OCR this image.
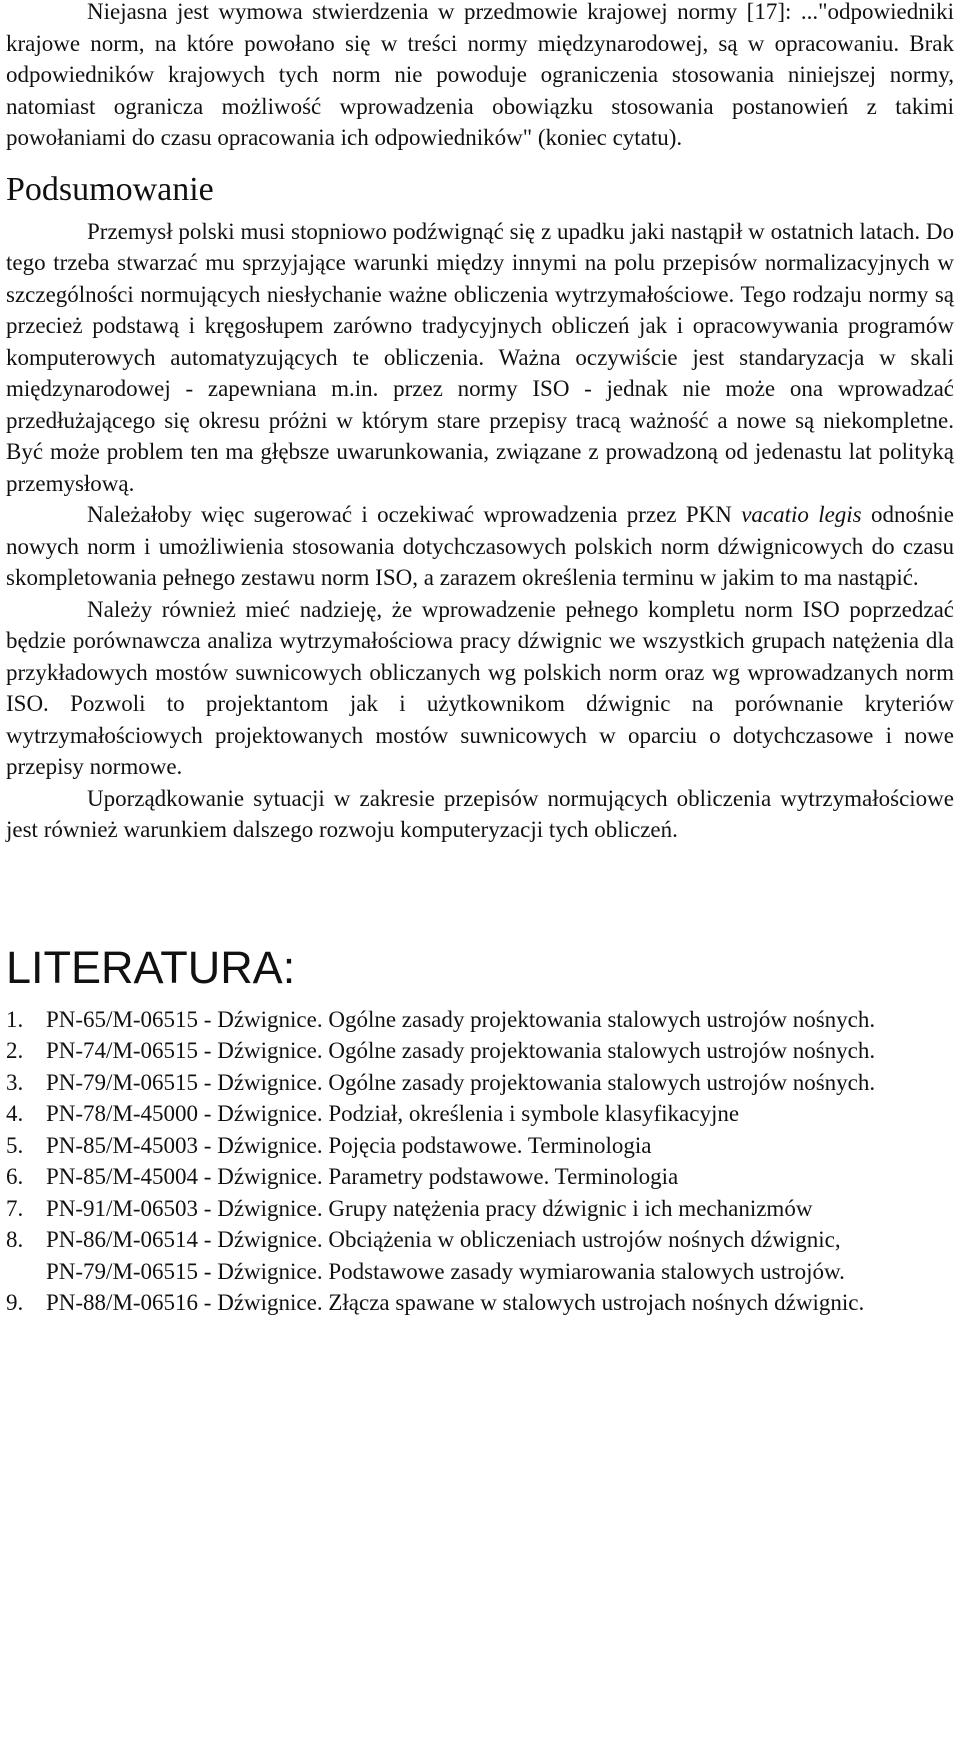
Niejasna jest wymowa stwierdzenia w przedmowie krajowej normy [17]: ..."odpowiedniki krajowe norm, na które powołano się w treści normy międzynarodowej, są w opracowaniu. Brak odpowiedników krajowych tych norm nie powoduje ograniczenia stosowania niniejszej normy, natomiast ogranicza możliwość wprowadzenia obowiązku stosowania postanowień z takimi powołaniami do czasu opracowania ich odpowiedników" (koniec cytatu).

Podsumowanie

Przemysł polski musi stopniowo podźwignąć się z upadku jaki nastąpił w ostatnich latach. Do tego trzeba stwarzać mu sprzyjające warunki między innymi na polu przepisów normalizacyjnych w szczególności normujących niesłychanie ważne obliczenia wytrzymałościowe. Tego rodzaju normy są przecież podstawą i kręgosłupem zarówno tradycyjnych obliczeń jak i opracowywania programów komputerowych automatyzujących te obliczenia. Ważna oczywiście jest standaryzacja w skali międzynarodowej - zapewniana m.in. przez normy ISO - jednak nie może ona wprowadzać przedłużającego się okresu próżni w którym stare przepisy tracą ważność a nowe są niekompletne. Być może problem ten ma głębsze uwarunkowania, związane z prowadzoną od jedenastu lat polityką przemysłową.

Należałoby więc sugerować i oczekiwać wprowadzenia przez PKN vacatio legis odnośnie nowych norm i umożliwienia stosowania dotychczasowych polskich norm dźwignicowych do czasu skompletowania pełnego zestawu norm ISO, a zarazem określenia terminu w jakim to ma nastąpić.

Należy również mieć nadzieję, że wprowadzenie pełnego kompletu norm ISO poprzedzać będzie porównawcza analiza wytrzymałościowa pracy dźwignic we wszystkich grupach natężenia dla przykładowych mostów suwnicowych obliczanych wg polskich norm oraz wg wprowadzanych norm ISO. Pozwoli to projektantom jak i użytkownikom dźwignic na porównanie kryteriów wytrzymałościowych projektowanych mostów suwnicowych w oparciu o dotychczasowe i nowe przepisy normowe.

Uporządkowanie sytuacji w zakresie przepisów normujących obliczenia wytrzymałościowe jest również warunkiem dalszego rozwoju komputeryzacji tych obliczeń.

LITERATURA:
1. PN-65/M-06515 - Dźwignice. Ogólne zasady projektowania stalowych ustrojów nośnych.
2. PN-74/M-06515 - Dźwignice. Ogólne zasady projektowania stalowych ustrojów nośnych.
3. PN-79/M-06515 - Dźwignice. Ogólne zasady projektowania stalowych ustrojów nośnych.
4. PN-78/M-45000 - Dźwignice. Podział, określenia i symbole klasyfikacyjne
5. PN-85/M-45003 - Dźwignice. Pojęcia podstawowe. Terminologia
6. PN-85/M-45004 - Dźwignice. Parametry podstawowe. Terminologia
7. PN-91/M-06503 - Dźwignice. Grupy natężenia pracy dźwignic i ich mechanizmów
8. PN-86/M-06514 - Dźwignice. Obciążenia w obliczeniach ustrojów nośnych dźwignic,
PN-79/M-06515 - Dźwignice. Podstawowe zasady wymiarowania stalowych ustrojów.
9. PN-88/M-06516 - Dźwignice. Złącza spawane w stalowych ustrojach nośnych dźwignic.
